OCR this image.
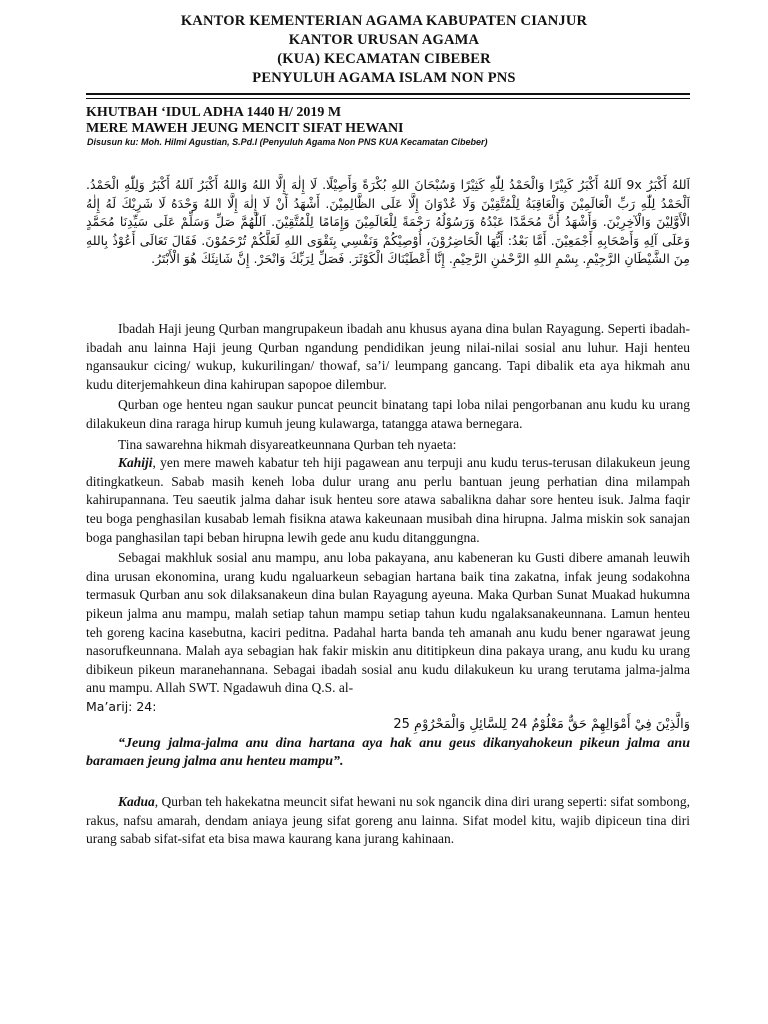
KANTOR KEMENTERIAN AGAMA KABUPATEN CIANJUR
KANTOR URUSAN AGAMA
(KUA) KECAMATAN CIBEBER
PENYULUH AGAMA ISLAM NON PNS
KHUTBAH ‘IDUL ADHA 1440 H/ 2019 M
MERE MAWEH JEUNG MENCIT SIFAT HEWANI
Disusun ku: Moh. Hilmi Agustian, S.Pd.I (Penyuluh Agama Non PNS KUA Kecamatan Cibeber)
اَللهُ أَكْبَرُ 9x اَللهُ أَكْبَرُ كَبِيْرًا وَالْحَمْدُ لِلّٰهِ كَثِيْرًا وَسُبْحَانَ اللهِ بُكْرَةً وَأَصِيْلًا. لَا إِلٰهَ إِلَّا اللهُ وَاللهُ أَكْبَرُ اَللهُ أَكْبَرُ وَلِلّٰهِ الْحَمْدُ. اَلْحَمْدُ لِلّٰهِ رَبِّ الْعَالَمِيْنَ وَالْعَاقِبَةُ لِلْمُتَّقِيْنَ وَلَا عُدْوَانَ إِلَّا عَلَى الظَّالِمِيْنَ. أَشْهَدُ أَنْ لَا إِلٰهَ إِلَّا اللهُ وَحْدَهُ لَا شَرِيْكَ لَهُ إِلٰهُ الْأَوَّلِيْنَ وَالْآخِرِيْنَ. وَأَشْهَدُ أَنَّ مُحَمَّدًا عَبْدُهُ وَرَسُوْلُهُ رَحْمَةً لِلْعَالَمِيْنَ وَإِمَامًا لِلْمُتَّقِيْنَ. اَللّٰهُمَّ صَلِّ وَسَلِّمْ عَلَى سَيِّدِنَا مُحَمَّدٍ وَعَلَى آلِهِ وَأَصْحَابِهِ أَجْمَعِيْنَ. أَمَّا بَعْدُ: أَيُّهَا الْحَاضِرُوْنَ، أُوْصِيْكُمْ وَنَفْسِي بِتَقْوَى اللهِ لَعَلَّكُمْ تُرْحَمُوْنَ. فَقَالَ تَعَالَى أَعُوْذُ بِاللهِ مِنَ الشَّيْطَانِ الرَّجِيْمِ. بِسْمِ اللهِ الرَّحْمٰنِ الرَّحِيْمِ. إِنَّا أَعْطَيْنَاكَ الْكَوْثَرَ. فَصَلِّ لِرَبِّكَ وَانْحَرْ. إِنَّ شَانِئَكَ هُوَ الْأَبْتَرُ.

Ibadah Haji jeung Qurban mangrupakeun ibadah anu khusus ayana dina bulan Rayagung. Seperti ibadah-ibadah anu lainna Haji jeung Qurban ngandung pendidikan jeung nilai-nilai sosial anu luhur. Haji henteu ngansaukur cicing/ wukup, kukurilingan/ thowaf, sa’i/ leumpang gancang. Tapi dibalik eta aya hikmah anu kudu diterjemahkeun dina kahirupan sapopoe dilembur.

Qurban oge henteu ngan saukur puncat peuncit binatang tapi loba nilai pengorbanan anu kudu ku urang dilakukeun dina raraga hirup kumuh jeung kulawarga, tatangga atawa bernegara.

Tina sawarehna hikmah disyareatkeunnana Qurban teh nyaeta:

Kahiji, yen mere maweh kabatur teh hiji pagawean anu terpuji anu kudu terus-terusan dilakukeun jeung ditingkatkeun. Sabab masih keneh loba dulur urang anu perlu bantuan jeung perhatian dina milampah kahirupannana. Teu saeutik jalma dahar isuk henteu sore atawa sabalikna dahar sore henteu isuk. Jalma faqir teu boga penghasilan kusabab lemah fisikna atawa kakeunaan musibah dina hirupna. Jalma miskin sok sanajan boga panghasilan tapi beban hirupna lewih gede anu kudu ditanggungna.

Sebagai makhluk sosial anu mampu, anu loba pakayana, anu kabeneran ku Gusti dibere amanah leuwih dina urusan ekonomina, urang kudu ngaluarkeun sebagian hartana baik tina zakatna, infak jeung sodakohna termasuk Qurban anu sok dilaksanakeun dina bulan Rayagung ayeuna. Maka Qurban Sunat Muakad hukumna pikeun jalma anu mampu, malah setiap tahun mampu setiap tahun kudu ngalaksanakeunnana. Lamun henteu teh goreng kacina kasebutna, kaciri peditna. Padahal harta banda teh amanah anu kudu bener ngarawat jeung nasorufkeunnana. Malah aya sebagian hak fakir miskin anu dititipkeun dina pakaya urang, anu kudu ku urang dibikeun pikeun maranehannana. Sebagai ibadah sosial anu kudu dilakukeun ku urang terutama jalma-jalma anu mampu. Allah SWT. Ngadawuh dina Q.S. al-

Ma’arij: 24:

وَالَّذِيْنَ فِيْ أَمْوَالِهِمْ حَقٌّ مَعْلُوْمٌ 24 لِلسَّائِلِ وَالْمَحْرُوْمِ 25

“Jeung jalma-jalma anu dina hartana aya hak anu geus dikanyahokeun pikeun jalma anu baramaen jeung jalma anu henteu mampu”.

Kadua, Qurban teh hakekatna meuncit sifat hewani nu sok ngancik dina diri urang seperti: sifat sombong, rakus, nafsu amarah, dendam aniaya jeung sifat goreng anu lainna. Sifat model kitu, wajib dipiceun tina diri urang sabab sifat-sifat eta bisa mawa kaurang kana jurang kahinaan.
